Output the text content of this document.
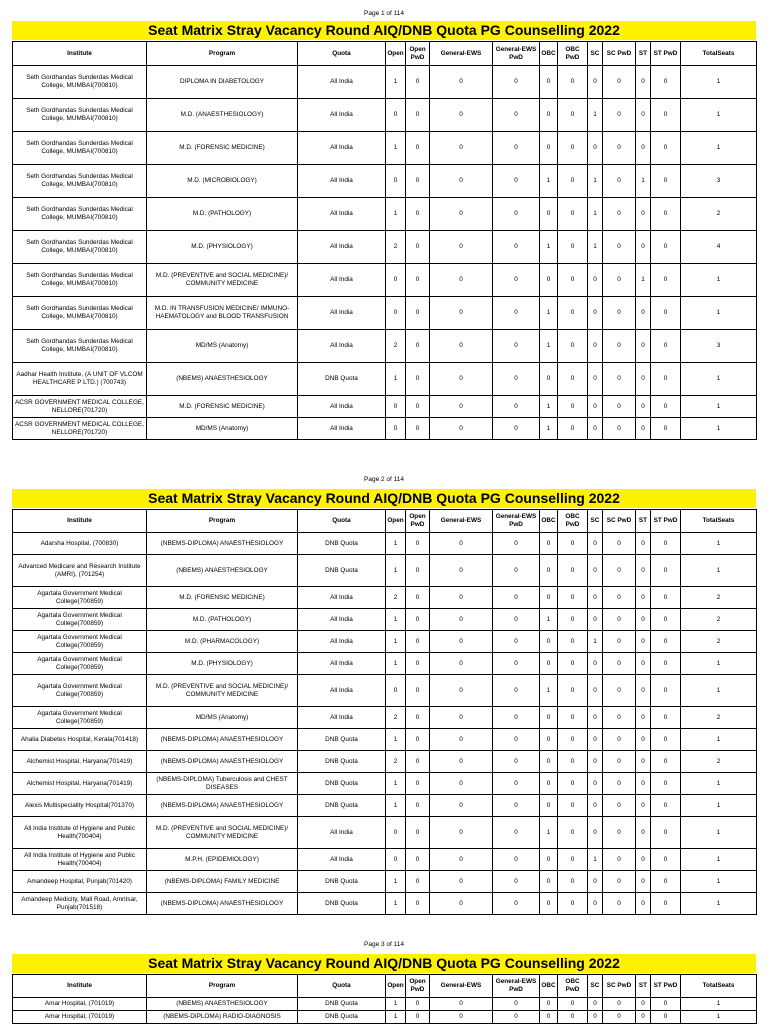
Page 1 of 114
Seat Matrix Stray Vacancy Round AIQ/DNB Quota PG Counselling 2022
Institute	Program	Quota	Open	Open PwD	General-EWS	General-EWS PwD	OBC	OBC PwD	SC	SC PwD	ST	ST PwD	TotalSeats
Seth Gordhandas Sunderdas Medical College, MUMBAI(700810)	DIPLOMA IN DIABETOLOGY	All India	1	0	0	0	0	0	0	0	0	0	1
Seth Gordhandas Sunderdas Medical College, MUMBAI(700810)	M.D. (ANAESTHESIOLOGY)	All India	0	0	0	0	0	0	1	0	0	0	1
Seth Gordhandas Sunderdas Medical College, MUMBAI(700810)	M.D. (FORENSIC MEDICINE)	All India	1	0	0	0	0	0	0	0	0	0	1
Seth Gordhandas Sunderdas Medical College, MUMBAI(700810)	M.D. (MICROBIOLOGY)	All India	0	0	0	0	1	0	1	0	1	0	3
Seth Gordhandas Sunderdas Medical College, MUMBAI(700810)	M.D. (PATHOLOGY)	All India	1	0	0	0	0	0	1	0	0	0	2
Seth Gordhandas Sunderdas Medical College, MUMBAI(700810)	M.D. (PHYSIOLOGY)	All India	2	0	0	0	1	0	1	0	0	0	4
Seth Gordhandas Sunderdas Medical College, MUMBAI(700810)	M.D. (PREVENTIVE and SOCIAL MEDICINE)/ COMMUNITY MEDICINE	All India	0	0	0	0	0	0	0	0	1	0	1
Seth Gordhandas Sunderdas Medical College, MUMBAI(700810)	M.D. IN TRANSFUSION MEDICINE/ IMMUNO-HAEMATOLOGY and BLOOD TRANSFUSION	All India	0	0	0	0	1	0	0	0	0	0	1
Seth Gordhandas Sunderdas Medical College, MUMBAI(700810)	MD/MS (Anatomy)	All India	2	0	0	0	1	0	0	0	0	0	3
Aadhar Health Institute, (A UNIT OF VLCOM HEALTHCARE P LTD.) (700743)	(NBEMS) ANAESTHESIOLOGY	DNB Quota	1	0	0	0	0	0	0	0	0	0	1
ACSR GOVERNMENT MEDICAL COLLEGE, NELLORE(701720)	M.D. (FORENSIC MEDICINE)	All India	0	0	0	0	1	0	0	0	0	0	1
ACSR GOVERNMENT MEDICAL COLLEGE, NELLORE(701720)	MD/MS (Anatomy)	All India	0	0	0	0	1	0	0	0	0	0	1
Page 2 of 114
Seat Matrix Stray Vacancy Round AIQ/DNB Quota PG Counselling 2022
Institute	Program	Quota	Open	Open PwD	General-EWS	General-EWS PwD	OBC	OBC PwD	SC	SC PwD	ST	ST PwD	TotalSeats
Adarsha Hospital, (700830)	(NBEMS-DIPLOMA) ANAESTHESIOLOGY	DNB Quota	1	0	0	0	0	0	0	0	0	0	1
Advanced Medicare and Research Institute (AMRI), (701254)	(NBEMS) ANAESTHESIOLOGY	DNB Quota	1	0	0	0	0	0	0	0	0	0	1
Agartala Government Medical College(700859)	M.D. (FORENSIC MEDICINE)	All India	2	0	0	0	0	0	0	0	0	0	2
Agartala Government Medical College(700859)	M.D. (PATHOLOGY)	All India	1	0	0	0	1	0	0	0	0	0	2
Agartala Government Medical College(700859)	M.D. (PHARMACOLOGY)	All India	1	0	0	0	0	0	1	0	0	0	2
Agartala Government Medical College(700859)	M.D. (PHYSIOLOGY)	All India	1	0	0	0	0	0	0	0	0	0	1
Agartala Government Medical College(700859)	M.D. (PREVENTIVE and SOCIAL MEDICINE)/ COMMUNITY MEDICINE	All India	0	0	0	0	1	0	0	0	0	0	1
Agartala Government Medical College(700859)	MD/MS (Anatomy)	All India	2	0	0	0	0	0	0	0	0	0	2
Ahalia Diabetes Hospital, Kerala(701418)	(NBEMS-DIPLOMA) ANAESTHESIOLOGY	DNB Quota	1	0	0	0	0	0	0	0	0	0	1
Alchemist Hospital, Haryana(701419)	(NBEMS-DIPLOMA) ANAESTHESIOLOGY	DNB Quota	2	0	0	0	0	0	0	0	0	0	2
Alchemist Hospital, Haryana(701419)	(NBEMS-DIPLOMA) Tuberculosis and CHEST DISEASES	DNB Quota	1	0	0	0	0	0	0	0	0	0	1
Alexis Multispeciality Hospital(701370)	(NBEMS-DIPLOMA) ANAESTHESIOLOGY	DNB Quota	1	0	0	0	0	0	0	0	0	0	1
All India Institute of Hygiene and Public Health(700404)	M.D. (PREVENTIVE and SOCIAL MEDICINE)/ COMMUNITY MEDICINE	All India	0	0	0	0	1	0	0	0	0	0	1
All India Institute of Hygiene and Public Health(700404)	M.P.H. (EPIDEMIOLOGY)	All India	0	0	0	0	0	0	1	0	0	0	1
Amandeep Hospital, Punjab(701420)	(NBEMS-DIPLOMA) FAMILY MEDICINE	DNB Quota	1	0	0	0	0	0	0	0	0	0	1
Amandeep Medicity, Mall Road, Amritsar, Punjab(701518)	(NBEMS-DIPLOMA) ANAESTHESIOLOGY	DNB Quota	1	0	0	0	0	0	0	0	0	0	1
Page 3 of 114
Seat Matrix Stray Vacancy Round AIQ/DNB Quota PG Counselling 2022
Institute	Program	Quota	Open	Open PwD	General-EWS	General-EWS PwD	OBC	OBC PwD	SC	SC PwD	ST	ST PwD	TotalSeats
Amar Hospital, (701019)	(NBEMS) ANAESTHESIOLOGY	DNB Quota	1	0	0	0	0	0	0	0	0	0	1
Amar Hospital, (701019)	(NBEMS-DIPLOMA) RADIO-DIAGNOSIS	DNB Quota	1	0	0	0	0	0	0	0	0	0	1
